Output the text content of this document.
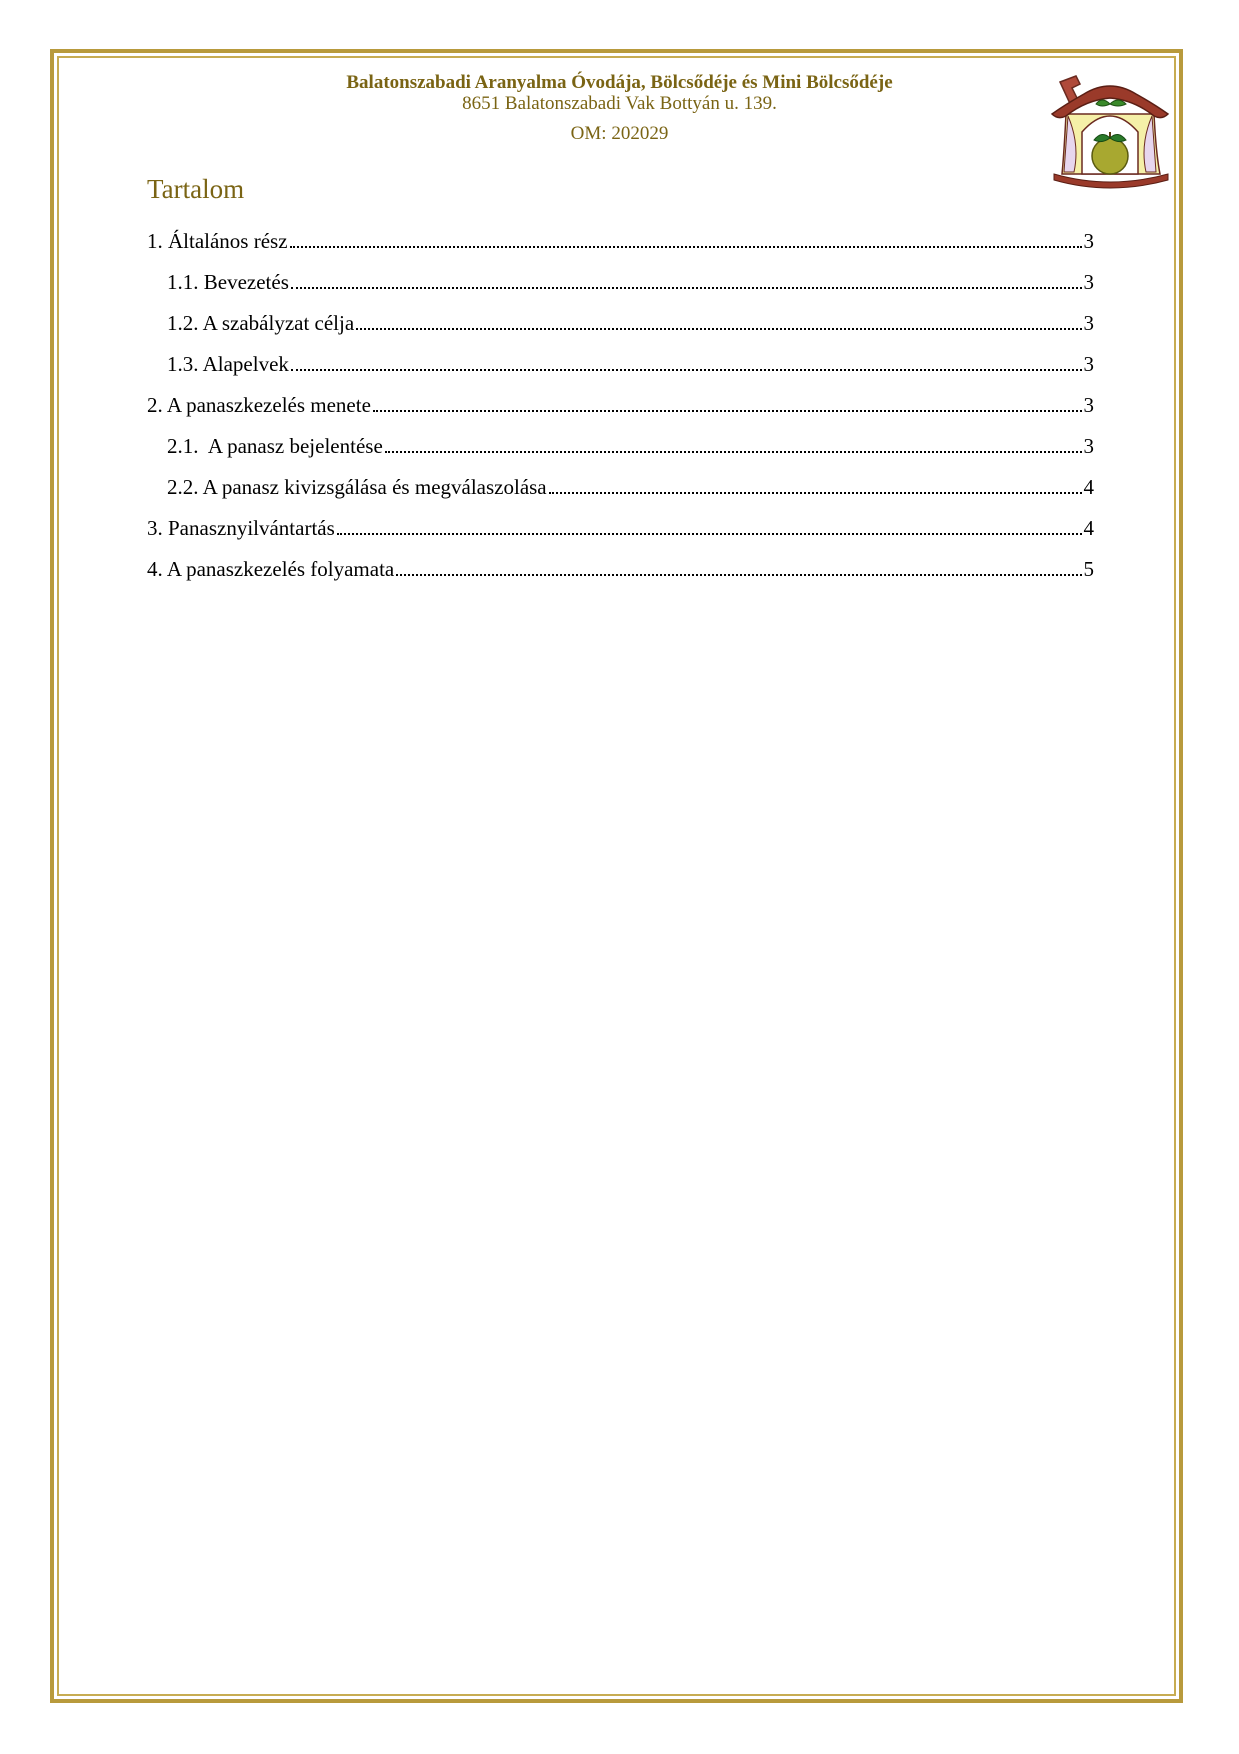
Balatonszabadi Aranyalma Óvodája, Bölcsődéje és Mini Bölcsődéje
8651 Balatonszabadi Vak Bottyán u. 139.
OM: 202029
Tartalom
1. Általános rész	3
1.1. Bevezetés	3
1.2. A szabályzat célja	3
1.3. Alapelvek	3
2. A panaszkezelés menete	3
2.1.  A panasz bejelentése	3
2.2. A panasz kivizsgálása és megválaszolása	4
3. Panasznyilvántartás	4
4. A panaszkezelés folyamata	5
